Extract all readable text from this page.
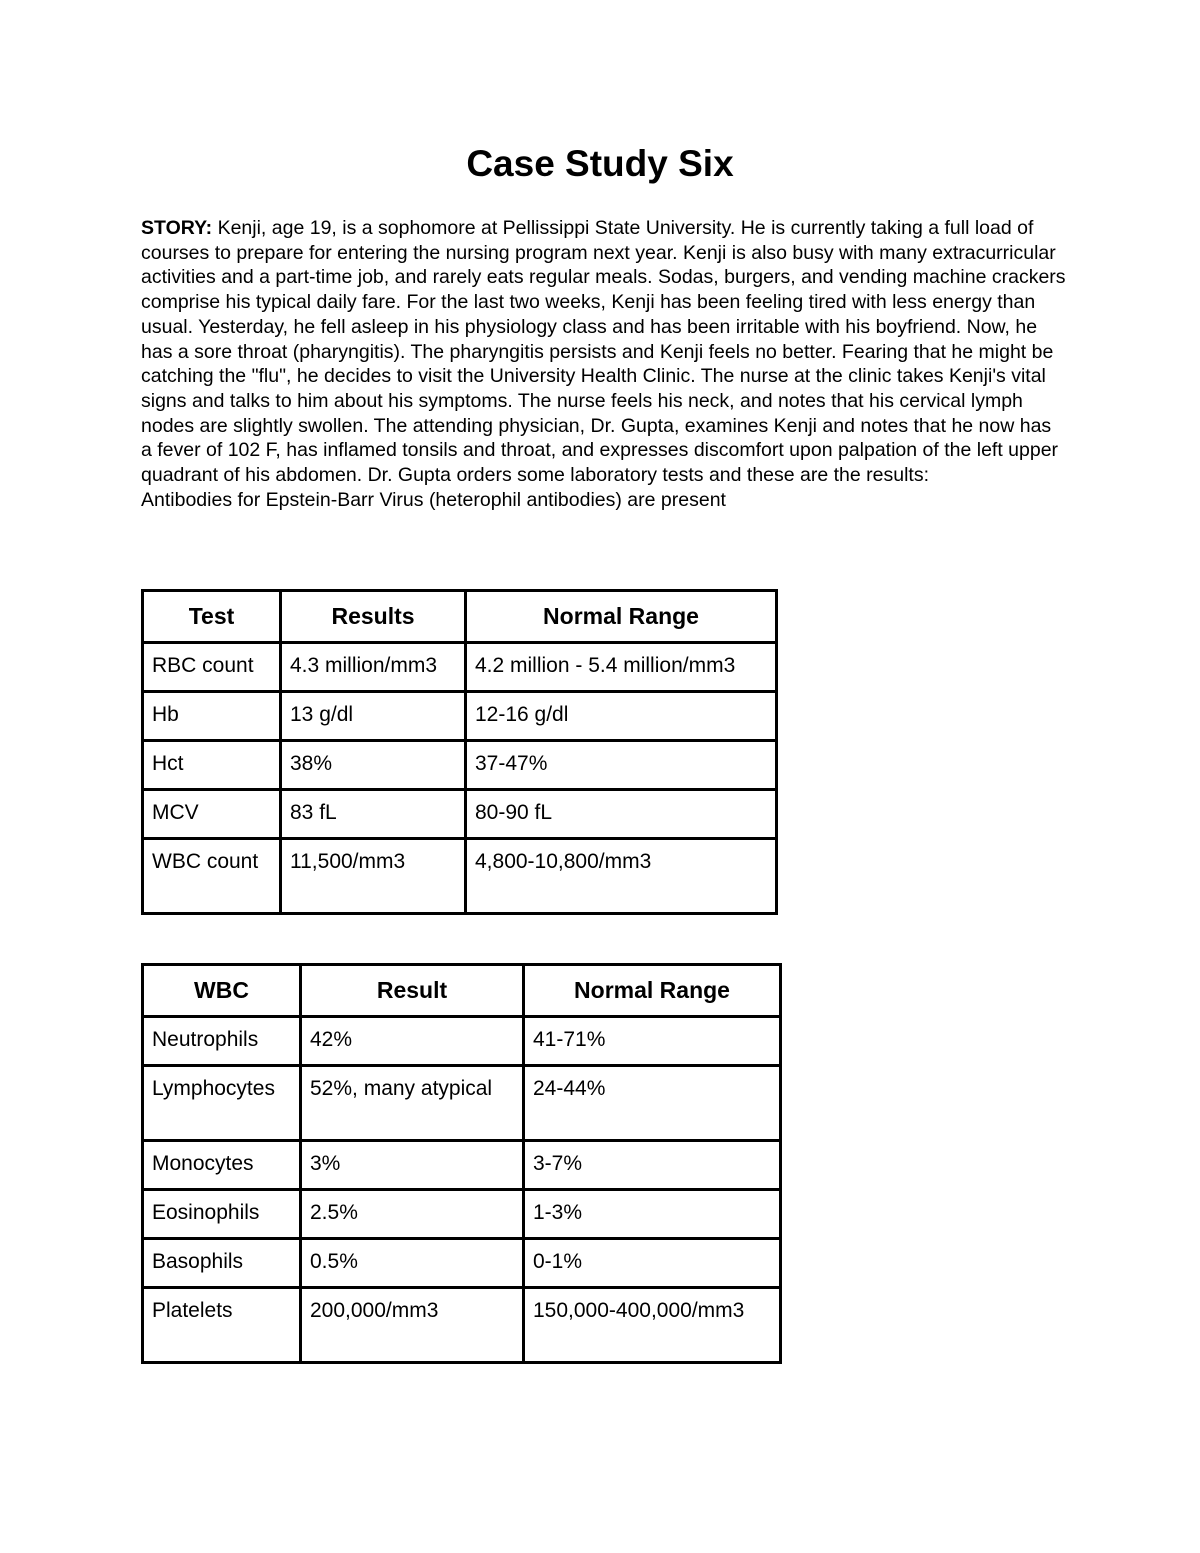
Case Study Six

STORY: Kenji, age 19, is a sophomore at Pellissippi State University. He is currently taking a full load of courses to prepare for entering the nursing program next year. Kenji is also busy with many extracurricular activities and a part-time job, and rarely eats regular meals. Sodas, burgers, and vending machine crackers comprise his typical daily fare. For the last two weeks, Kenji has been feeling tired with less energy than usual. Yesterday, he fell asleep in his physiology class and has been irritable with his boyfriend. Now, he has a sore throat (pharyngitis). The pharyngitis persists and Kenji feels no better. Fearing that he might be catching the "flu", he decides to visit the University Health Clinic. The nurse at the clinic takes Kenji's vital signs and talks to him about his symptoms. The nurse feels his neck, and notes that his cervical lymph nodes are slightly swollen. The attending physician, Dr. Gupta, examines Kenji and notes that he now has a fever of 102 F, has inflamed tonsils and throat, and expresses discomfort upon palpation of the left upper quadrant of his abdomen. Dr. Gupta orders some laboratory tests and these are the results:

Antibodies for Epstein-Barr Virus (heterophil antibodies) are present

Test	Results	Normal Range
RBC count	4.3 million/mm3	4.2 million - 5.4 million/mm3
Hb	13 g/dl	12-16 g/dl
Hct	38%	37-47%
MCV	83 fL	80-90 fL
WBC count	11,500/mm3	4,800-10,800/mm3
WBC	Result	Normal Range
Neutrophils	42%	41-71%
Lymphocytes	52%, many atypical	24-44%
Monocytes	3%	3-7%
Eosinophils	2.5%	1-3%
Basophils	0.5%	0-1%
Platelets	200,000/mm3	150,000-400,000/mm3
